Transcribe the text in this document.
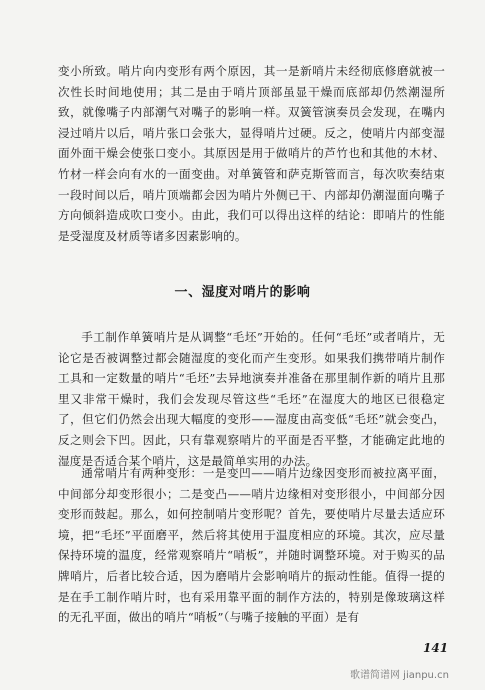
变小所致。哨片向内变形有两个原因，其一是新哨片未经彻底修磨就被一次性长时间地使用；其二是由于哨片顶部虽显干燥而底部却仍然潮湿所致，就像嘴子内部潮气对嘴子的影响一样。双簧管演奏员会发现，在嘴内浸过哨片以后，哨片张口会张大，显得哨片过硬。反之，使哨片内部变湿面外面干燥会使张口变小。其原因是用于做哨片的芦竹也和其他的木材、竹材一样会向有水的一面变曲。对单簧管和萨克斯管而言，每次吹奏结束一段时间以后，哨片顶端都会因为哨片外侧已干、内部却仍潮湿面向嘴子方向倾斜造成吹口变小。由此，我们可以得出这样的结论：即哨片的性能是受湿度及材质等诸多因素影响的。
一、湿度对哨片的影响
手工制作单簧哨片是从调整“毛坯”开始的。任何“毛坯”或者哨片，无论它是否被调整过都会随湿度的变化而产生变形。如果我们携带哨片制作工具和一定数量的哨片“毛坯”去异地演奏并准备在那里制作新的哨片且那里又非常干燥时，我们会发现尽管这些“毛坯”在湿度大的地区已很稳定了，但它们仍然会出现大幅度的变形——湿度由高变低“毛坯”就会变凸，反之则会下凹。因此，只有靠观察哨片的平面是否平整，才能确定此地的湿度是否适合某个哨片，这是最简单实用的办法。
通常哨片有两种变形：一是变凹——哨片边缘因变形而被拉离平面，中间部分却变形很小；二是变凸——哨片边缘相对变形很小，中间部分因变形而鼓起。那么，如何控制哨片变形呢？首先，要使哨片尽量去适应环境，把“毛坯”平面磨平，然后将其使用于温度相应的环境。其次，应尽量保持环境的温度，经常观察哨片“哨板”，并随时调整环境。对于购买的品牌哨片，后者比较合适，因为磨哨片会影响哨片的振动性能。值得一提的是在手工制作哨片时，也有采用靠平面的制作方法的，特别是像玻璃这样的无孔平面，做出的哨片“哨板”（与嘴子接触的平面）是有
141
歌谱简谱网 jianpu.cn
